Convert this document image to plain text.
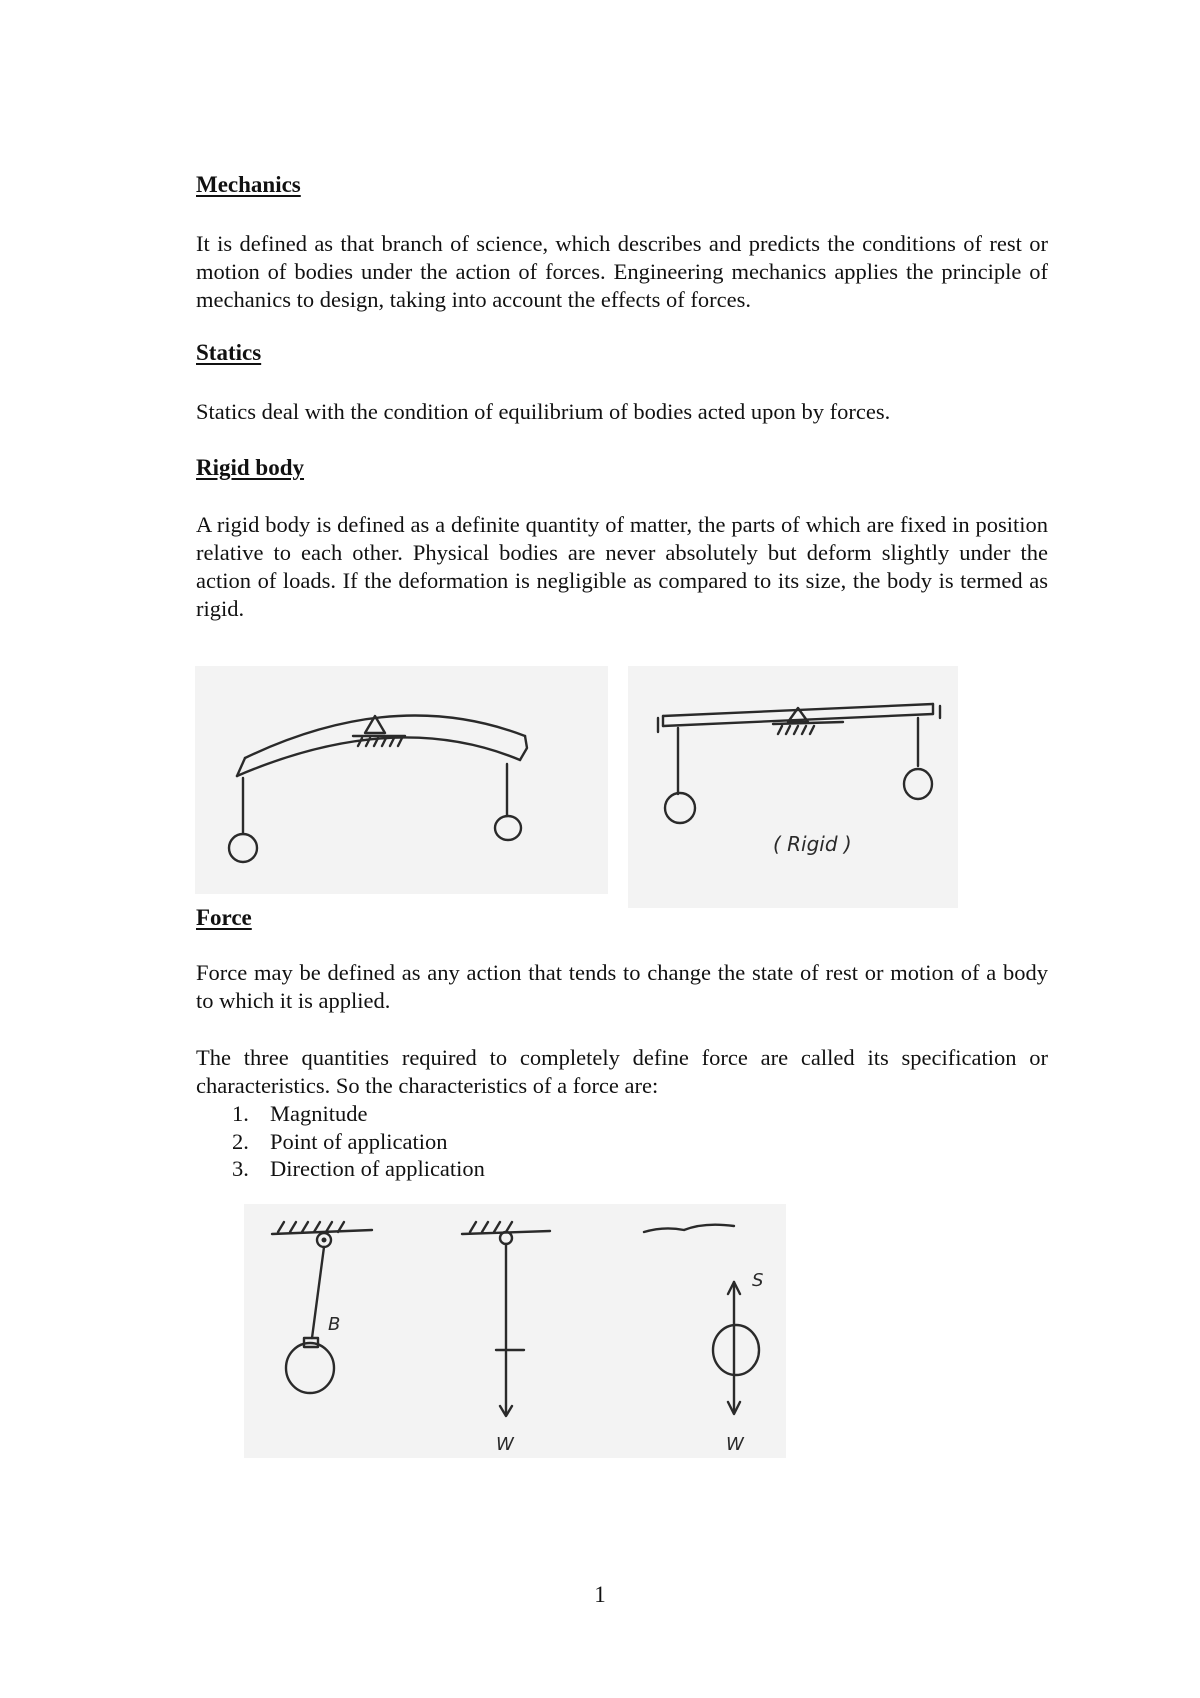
Mechanics

It is defined as that branch of science, which describes and predicts the conditions of rest or motion of bodies under the action of forces. Engineering mechanics applies the principle of mechanics to design, taking into account the effects of forces.

Statics

Statics deal with the condition of equilibrium of bodies acted upon by forces.

Rigid body

A rigid body is defined as a definite quantity of matter, the parts of which are fixed in position relative to each other. Physical bodies are never absolutely but deform slightly under the action of loads. If the deformation is negligible as compared to its size, the body is termed as rigid.

( Rigid )
Force

Force may be defined as any action that tends to change the state of rest or motion of a body to which it is applied.

The three quantities required to completely define force are called its specification or characteristics. So the characteristics of a force are:

1. Magnitude
2. Point of application
3. Direction of application
B
W
S
W
1
